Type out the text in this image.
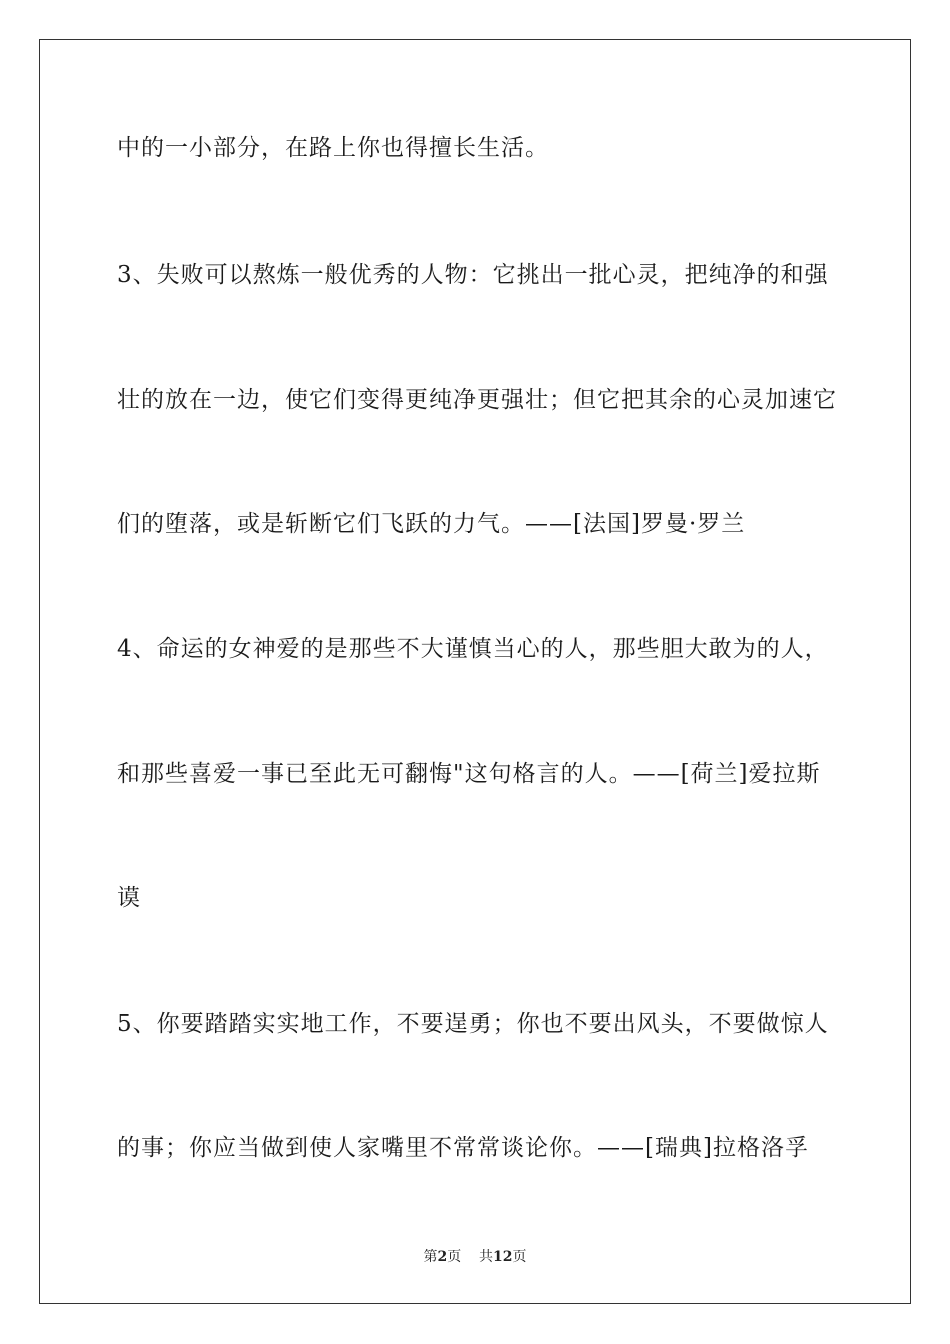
中的一小部分，在路上你也得擅长生活。
3、失败可以熬炼一般优秀的人物：它挑出一批心灵，把纯净的和强
壮的放在一边，使它们变得更纯净更强壮；但它把其余的心灵加速它
们的堕落，或是斩断它们飞跃的力气。——[法国]罗曼·罗兰
4、命运的女神爱的是那些不大谨慎当心的人，那些胆大敢为的人，
和那些喜爱一事已至此无可翻悔"这句格言的人。——[荷兰]爱拉斯
谟
5、你要踏踏实实地工作，不要逞勇；你也不要出风头，不要做惊人
的事；你应当做到使人家嘴里不常常谈论你。——[瑞典]拉格洛孚
第2页 共12页
